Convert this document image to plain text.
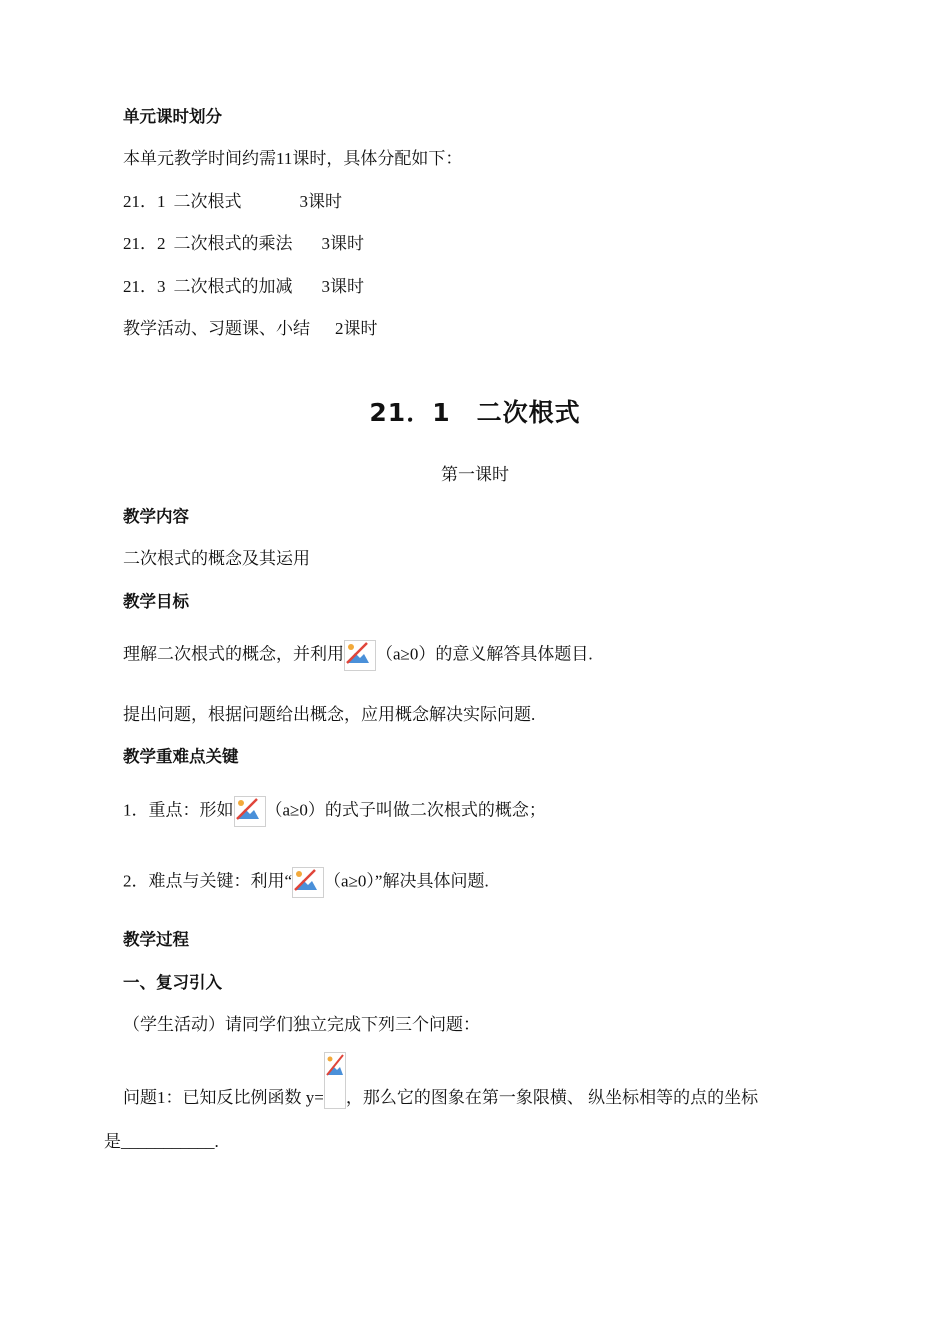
单元课时划分
本单元教学时间约需11课时，具体分配如下：
21．1 二次根式	3课时
21．2 二次根式的乘法 3课时
21．3 二次根式的加减 3课时
教学活动、习题课、小结 2课时
21．1　二次根式
第一课时
教学内容
二次根式的概念及其运用
教学目标
理解二次根式的概念，并利用 （a≥0）的意义解答具体题目.
提出问题，根据问题给出概念，应用概念解决实际问题.
教学重难点关键
1．重点：形如 （a≥0）的式子叫做二次根式的概念；
2．难点与关键：利用“ （a≥0）”解决具体问题.
教学过程
一、复习引入
（学生活动）请同学们独立完成下列三个问题：
问题1：已知反比例函数 y= ，那么它的图象在第一象限横、 纵坐标相等的点的坐标
是___________.
